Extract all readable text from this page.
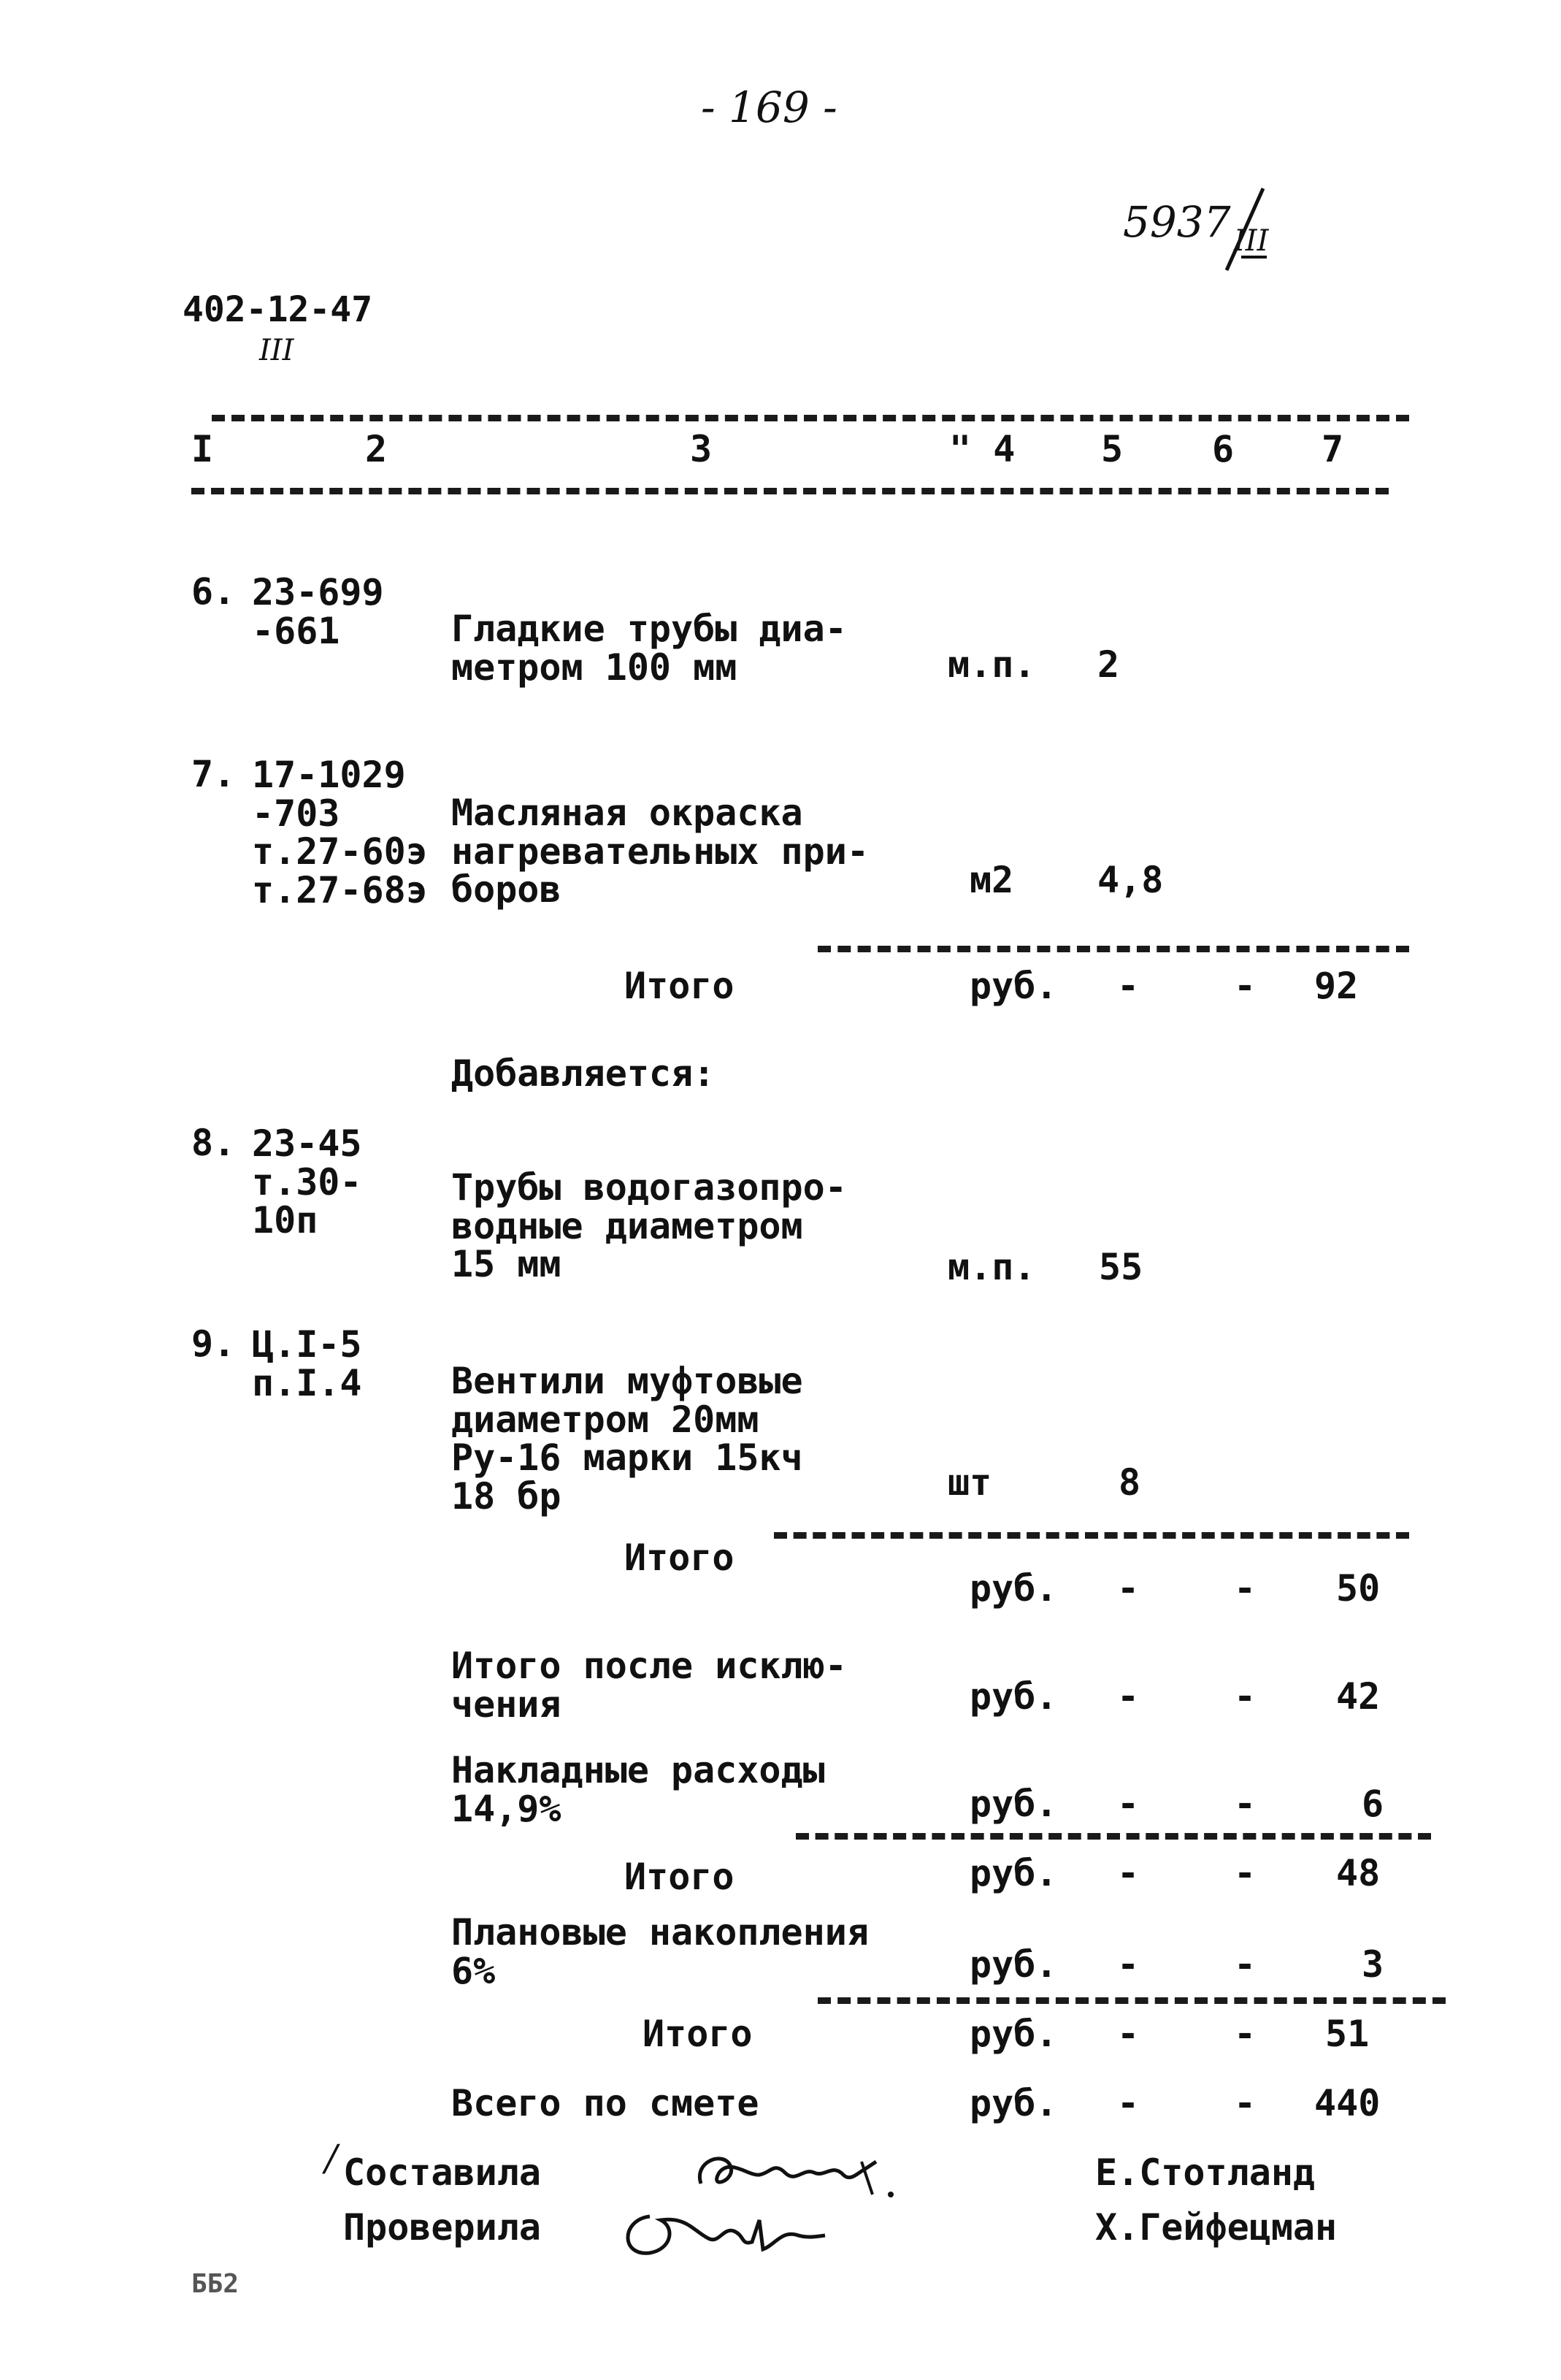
- 169 -
5937 III
402-12-47
III
I	2	3	" 4 5 6 7
6. 23-699
-661	Гладкие трубы диа-
метром 100 мм	м.п. 2
7. 17-1029
-703
т.27-60э
т.27-68э
Масляная окраска
нагревательных при-
боров	м2 4,8
Итого	руб. -	- 92
Добавляется:
8. 23-45
т.30-
10п
Трубы водогазопро-
водные диаметром
15 мм	м.п. 55
9. Ц.I-5
п.I.4 Вентили муфтовые
диаметром 20мм
Ру-16 марки 15кч
18 бр	шт	8
Итого
руб. -	- 50
Итого после исклю-
чения	руб. -	- 42
Накладные расходы
14,9%	руб. -	-	6
Итого	руб. -	- 48
Плановые накопления
6%	руб. -	-	3
Итого	руб. -	- 51
Всего по смете	руб. -	- 440
/ Составила
Проверила
Е.Стотланд
Х.Гейфецман
ББ2
